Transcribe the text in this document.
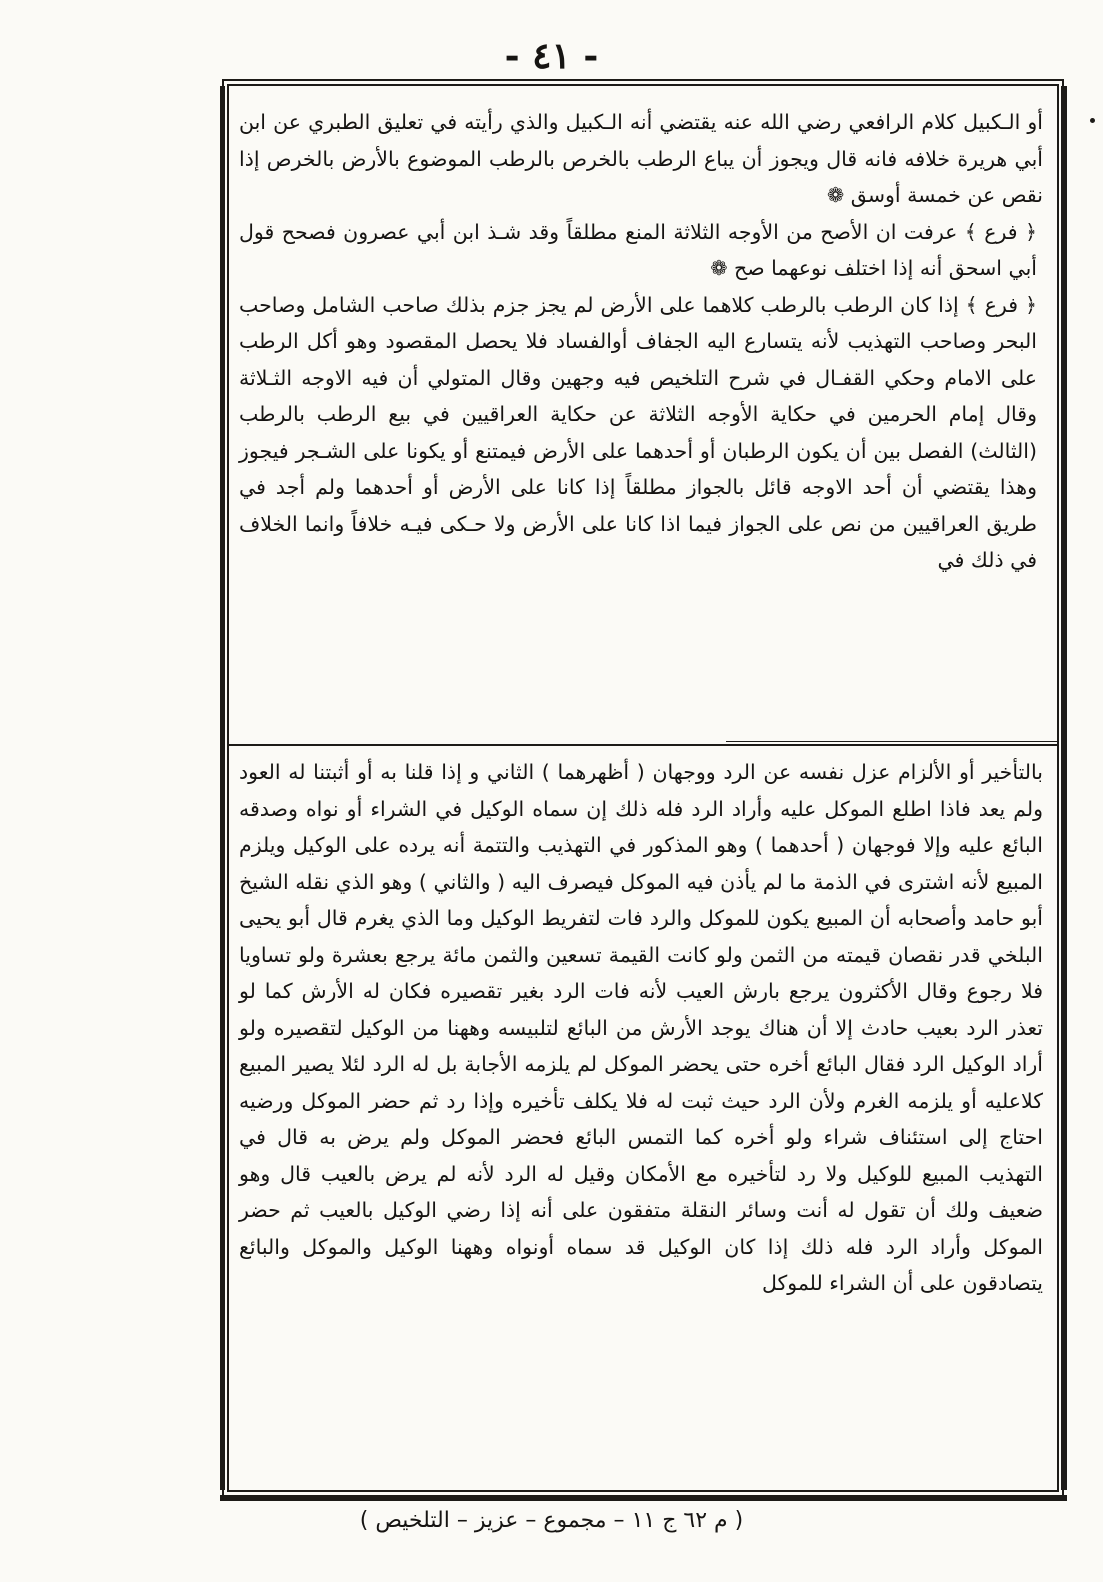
- ٤١ -

أو الـكبيل كلام الرافعي رضي الله عنه يقتضي أنه الـكبيل والذي رأيته في تعليق الطبري عن ابن أبي هريرة خلافه فانه قال ويجوز أن يباع الرطب بالخرص بالرطب الموضوع بالأرض بالخرص إذا نقص عن خمسة أوسق ❁

﴿ فرع ﴾ عرفت ان الأصح من الأوجه الثلاثة المنع مطلقاً وقد شـذ ابن أبي عصرون فصحح قول أبي اسحق أنه إذا اختلف نوعهما صح ❁

﴿ فرع ﴾ إذا كان الرطب بالرطب كلاهما على الأرض لم يجز جزم بذلك صاحب الشامل وصاحب البحر وصاحب التهذيب لأنه يتسارع اليه الجفاف أوالفساد فلا يحصل المقصود وهو أكل الرطب على الامام وحكي القفـال في شرح التلخيص فيه وجهين وقال المتولي أن فيه الاوجه الثـلاثة وقال إمام الحرمين في حكاية الأوجه الثلاثة عن حكاية العراقيين في بيع الرطب بالرطب (الثالث) الفصل بين أن يكون الرطبان أو أحدهما على الأرض فيمتنع أو يكونا على الشـجر فيجوز وهذا يقتضي أن أحد الاوجه قائل بالجواز مطلقاً إذا كانا على الأرض أو أحدهما ولم أجد في طريق العراقيين من نص على الجواز فيما اذا كانا على الأرض ولا حـكى فيـه خلافاً وانما الخلاف في ذلك في

بالتأخير أو الألزام عزل نفسه عن الرد ووجهان ( أظهرهما ) الثاني و إذا قلنا به أو أثبتنا له العود ولم يعد فاذا اطلع الموكل عليه وأراد الرد فله ذلك إن سماه الوكيل في الشراء أو نواه وصدقه البائع عليه وإلا فوجهان ( أحدهما ) وهو المذكور في التهذيب والتتمة أنه يرده على الوكيل ويلزم المبيع لأنه اشترى في الذمة ما لم يأذن فيه الموكل فيصرف اليه ( والثاني ) وهو الذي نقله الشيخ أبو حامد وأصحابه أن المبيع يكون للموكل والرد فات لتفريط الوكيل وما الذي يغرم قال أبو يحيى البلخي قدر نقصان قيمته من الثمن ولو كانت القيمة تسعين والثمن مائة يرجع بعشرة ولو تساويا فلا رجوع وقال الأكثرون يرجع بارش العيب لأنه فات الرد بغير تقصيره فكان له الأرش كما لو تعذر الرد بعيب حادث إلا أن هناك يوجد الأرش من البائع لتلبيسه وههنا من الوكيل لتقصيره ولو أراد الوكيل الرد فقال البائع أخره حتى يحضر الموكل لم يلزمه الأجابة بل له الرد لئلا يصير المبيع كلاعليه أو يلزمه الغرم ولأن الرد حيث ثبت له فلا يكلف تأخيره وإذا رد ثم حضر الموكل ورضيه احتاج إلى استئناف شراء ولو أخره كما التمس البائع فحضر الموكل ولم يرض به قال في التهذيب المبيع للوكيل ولا رد لتأخيره مع الأمكان وقيل له الرد لأنه لم يرض بالعيب قال وهو ضعيف ولك أن تقول له أنت وسائر النقلة متفقون على أنه إذا رضي الوكيل بالعيب ثم حضر الموكل وأراد الرد فله ذلك إذا كان الوكيل قد سماه أونواه وههنا الوكيل والموكل والبائع يتصادقون على أن الشراء للموكل

( م ٦٢ ج ١١ – مجموع – عزيز – التلخيص )
